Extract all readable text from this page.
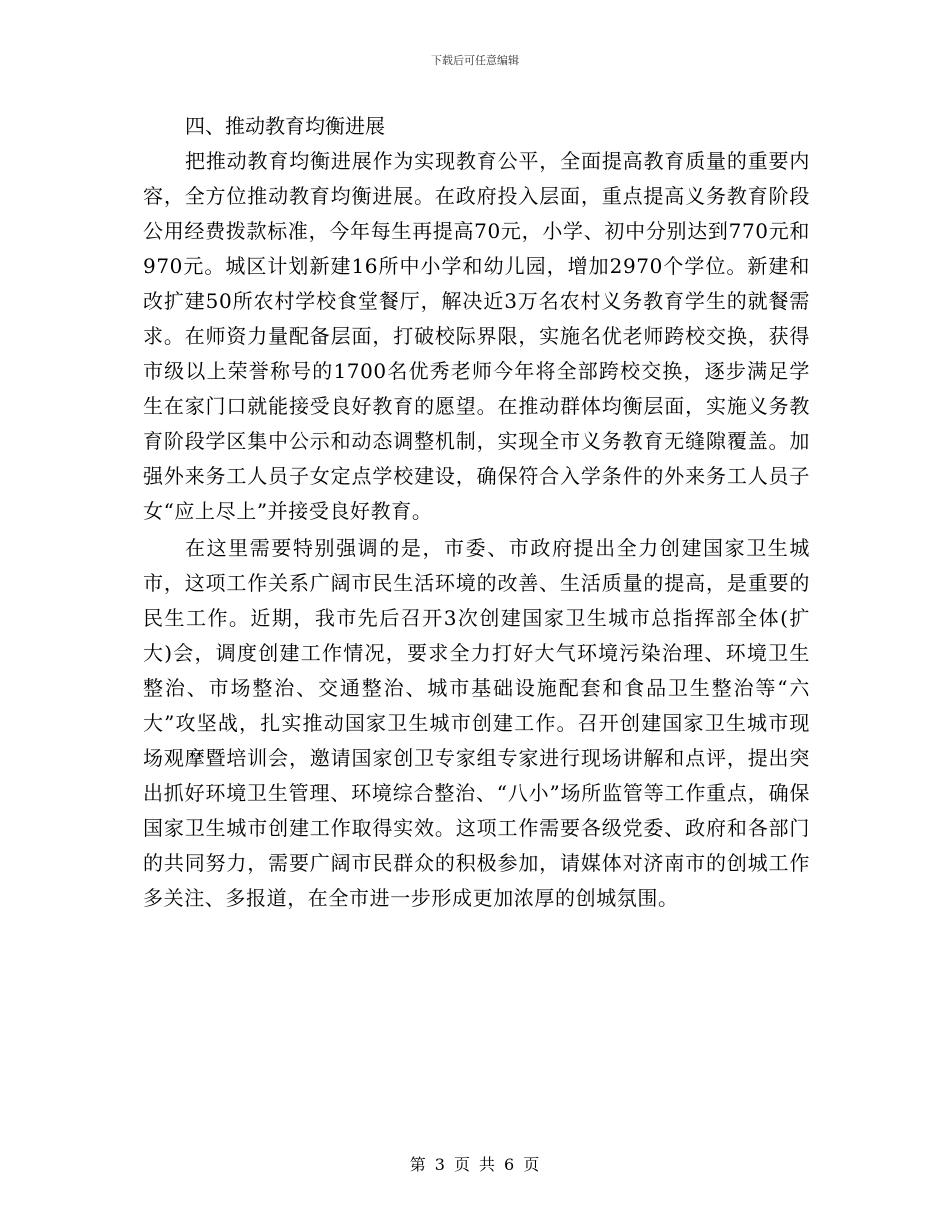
下载后可任意编辑
四、推动教育均衡进展

把推动教育均衡进展作为实现教育公平，全面提高教育质量的重要内容，全方位推动教育均衡进展。在政府投入层面，重点提高义务教育阶段公用经费拨款标准，今年每生再提高70元，小学、初中分别达到770元和970元。城区计划新建16所中小学和幼儿园，增加2970个学位。新建和改扩建50所农村学校食堂餐厅，解决近3万名农村义务教育学生的就餐需求。在师资力量配备层面，打破校际界限，实施名优老师跨校交换，获得市级以上荣誉称号的1700名优秀老师今年将全部跨校交换，逐步满足学生在家门口就能接受良好教育的愿望。在推动群体均衡层面，实施义务教育阶段学区集中公示和动态调整机制，实现全市义务教育无缝隙覆盖。加强外来务工人员子女定点学校建设，确保符合入学条件的外来务工人员子女“应上尽上”并接受良好教育。

在这里需要特别强调的是，市委、市政府提出全力创建国家卫生城市，这项工作关系广阔市民生活环境的改善、生活质量的提高，是重要的民生工作。近期，我市先后召开3次创建国家卫生城市总指挥部全体(扩大)会，调度创建工作情况，要求全力打好大气环境污染治理、环境卫生整治、市场整治、交通整治、城市基础设施配套和食品卫生整治等“六大”攻坚战，扎实推动国家卫生城市创建工作。召开创建国家卫生城市现场观摩暨培训会，邀请国家创卫专家组专家进行现场讲解和点评，提出突出抓好环境卫生管理、环境综合整治、“八小”场所监管等工作重点，确保国家卫生城市创建工作取得实效。这项工作需要各级党委、政府和各部门的共同努力，需要广阔市民群众的积极参加，请媒体对济南市的创城工作多关注、多报道，在全市进一步形成更加浓厚的创城氛围。

第 3 页 共 6 页
